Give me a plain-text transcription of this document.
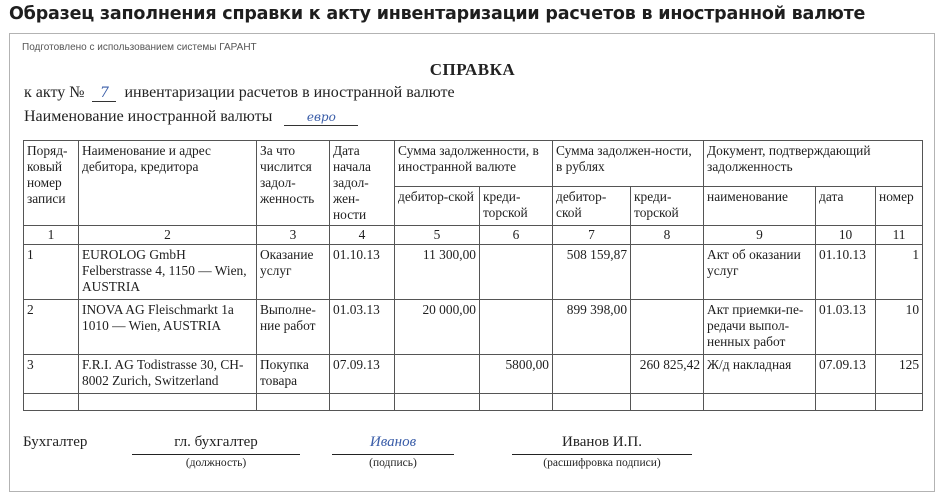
Образец заполнения справки к акту инвентаризации расчетов в иностранной валюте
Подготовлено с использованием системы ГАРАНТ
СПРАВКА
к акту № 7 инвентаризации расчетов в иностранной валюте
Наименование иностранной валюты	евро
Поряд-ковый номер записи	Наименование и адрес дебитора, кредитора	За что числится задол-женность	Дата начала задол-жен-ности	Сумма задолженности, в иностранной валюте		Сумма задолжен-ности, в рублях		Документ, подтверждающий задолженность		
				дебитор-ской	креди-торской	дебитор-ской	креди-торской	наименование	дата	номер
1	2	3	4	5	6	7	8	9	10	11
1	EUROLOG GmbH Felberstrasse 4, 1150 — Wien, AUSTRIA	Оказание услуг	01.10.13	11 300,00		508 159,87		Акт об оказании услуг	01.10.13	1
2	INOVA AG Fleischmarkt 1a 1010 — Wien, AUSTRIA	Выполне-ние работ	01.03.13	20 000,00		899 398,00		Акт приемки-пе-редачи выпол-ненных работ	01.03.13	10
3	F.R.I. AG Todistrasse 30, CH-8002 Zurich, Switzerland	Покупка товара	07.09.13		5800,00		260 825,42	Ж/д накладная	07.09.13	125

Бухгалтер	гл. бухгалтер
(должность)
Иванов
(подпись)
Иванов И.П.
(расшифровка подписи)
